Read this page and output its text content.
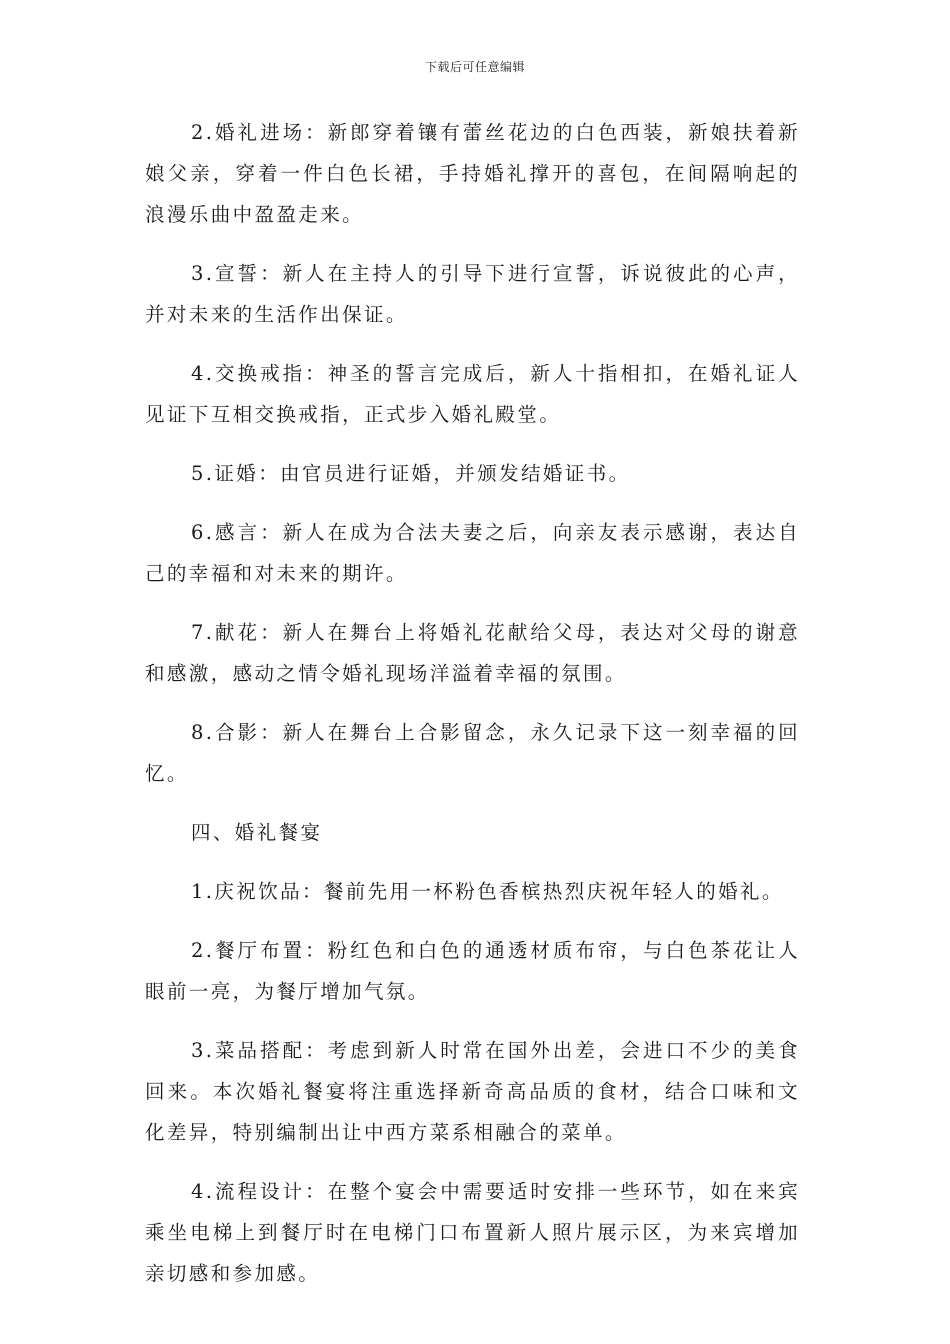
下载后可任意编辑

2.婚礼进场：新郎穿着镶有蕾丝花边的白色西装，新娘扶着新娘父亲，穿着一件白色长裙，手持婚礼撑开的喜包，在间隔响起的浪漫乐曲中盈盈走来。

3.宣誓：新人在主持人的引导下进行宣誓，诉说彼此的心声，并对未来的生活作出保证。

4.交换戒指：神圣的誓言完成后，新人十指相扣，在婚礼证人见证下互相交换戒指，正式步入婚礼殿堂。

5.证婚：由官员进行证婚，并颁发结婚证书。

6.感言：新人在成为合法夫妻之后，向亲友表示感谢，表达自己的幸福和对未来的期许。

7.献花：新人在舞台上将婚礼花献给父母，表达对父母的谢意和感激，感动之情令婚礼现场洋溢着幸福的氛围。

8.合影：新人在舞台上合影留念，永久记录下这一刻幸福的回忆。

四、婚礼餐宴

1.庆祝饮品：餐前先用一杯粉色香槟热烈庆祝年轻人的婚礼。

2.餐厅布置：粉红色和白色的通透材质布帘，与白色茶花让人眼前一亮，为餐厅增加气氛。

3.菜品搭配：考虑到新人时常在国外出差，会进口不少的美食回来。本次婚礼餐宴将注重选择新奇高品质的食材，结合口味和文化差异，特别编制出让中西方菜系相融合的菜单。

4.流程设计：在整个宴会中需要适时安排一些环节，如在来宾乘坐电梯上到餐厅时在电梯门口布置新人照片展示区，为来宾增加亲切感和参加感。
